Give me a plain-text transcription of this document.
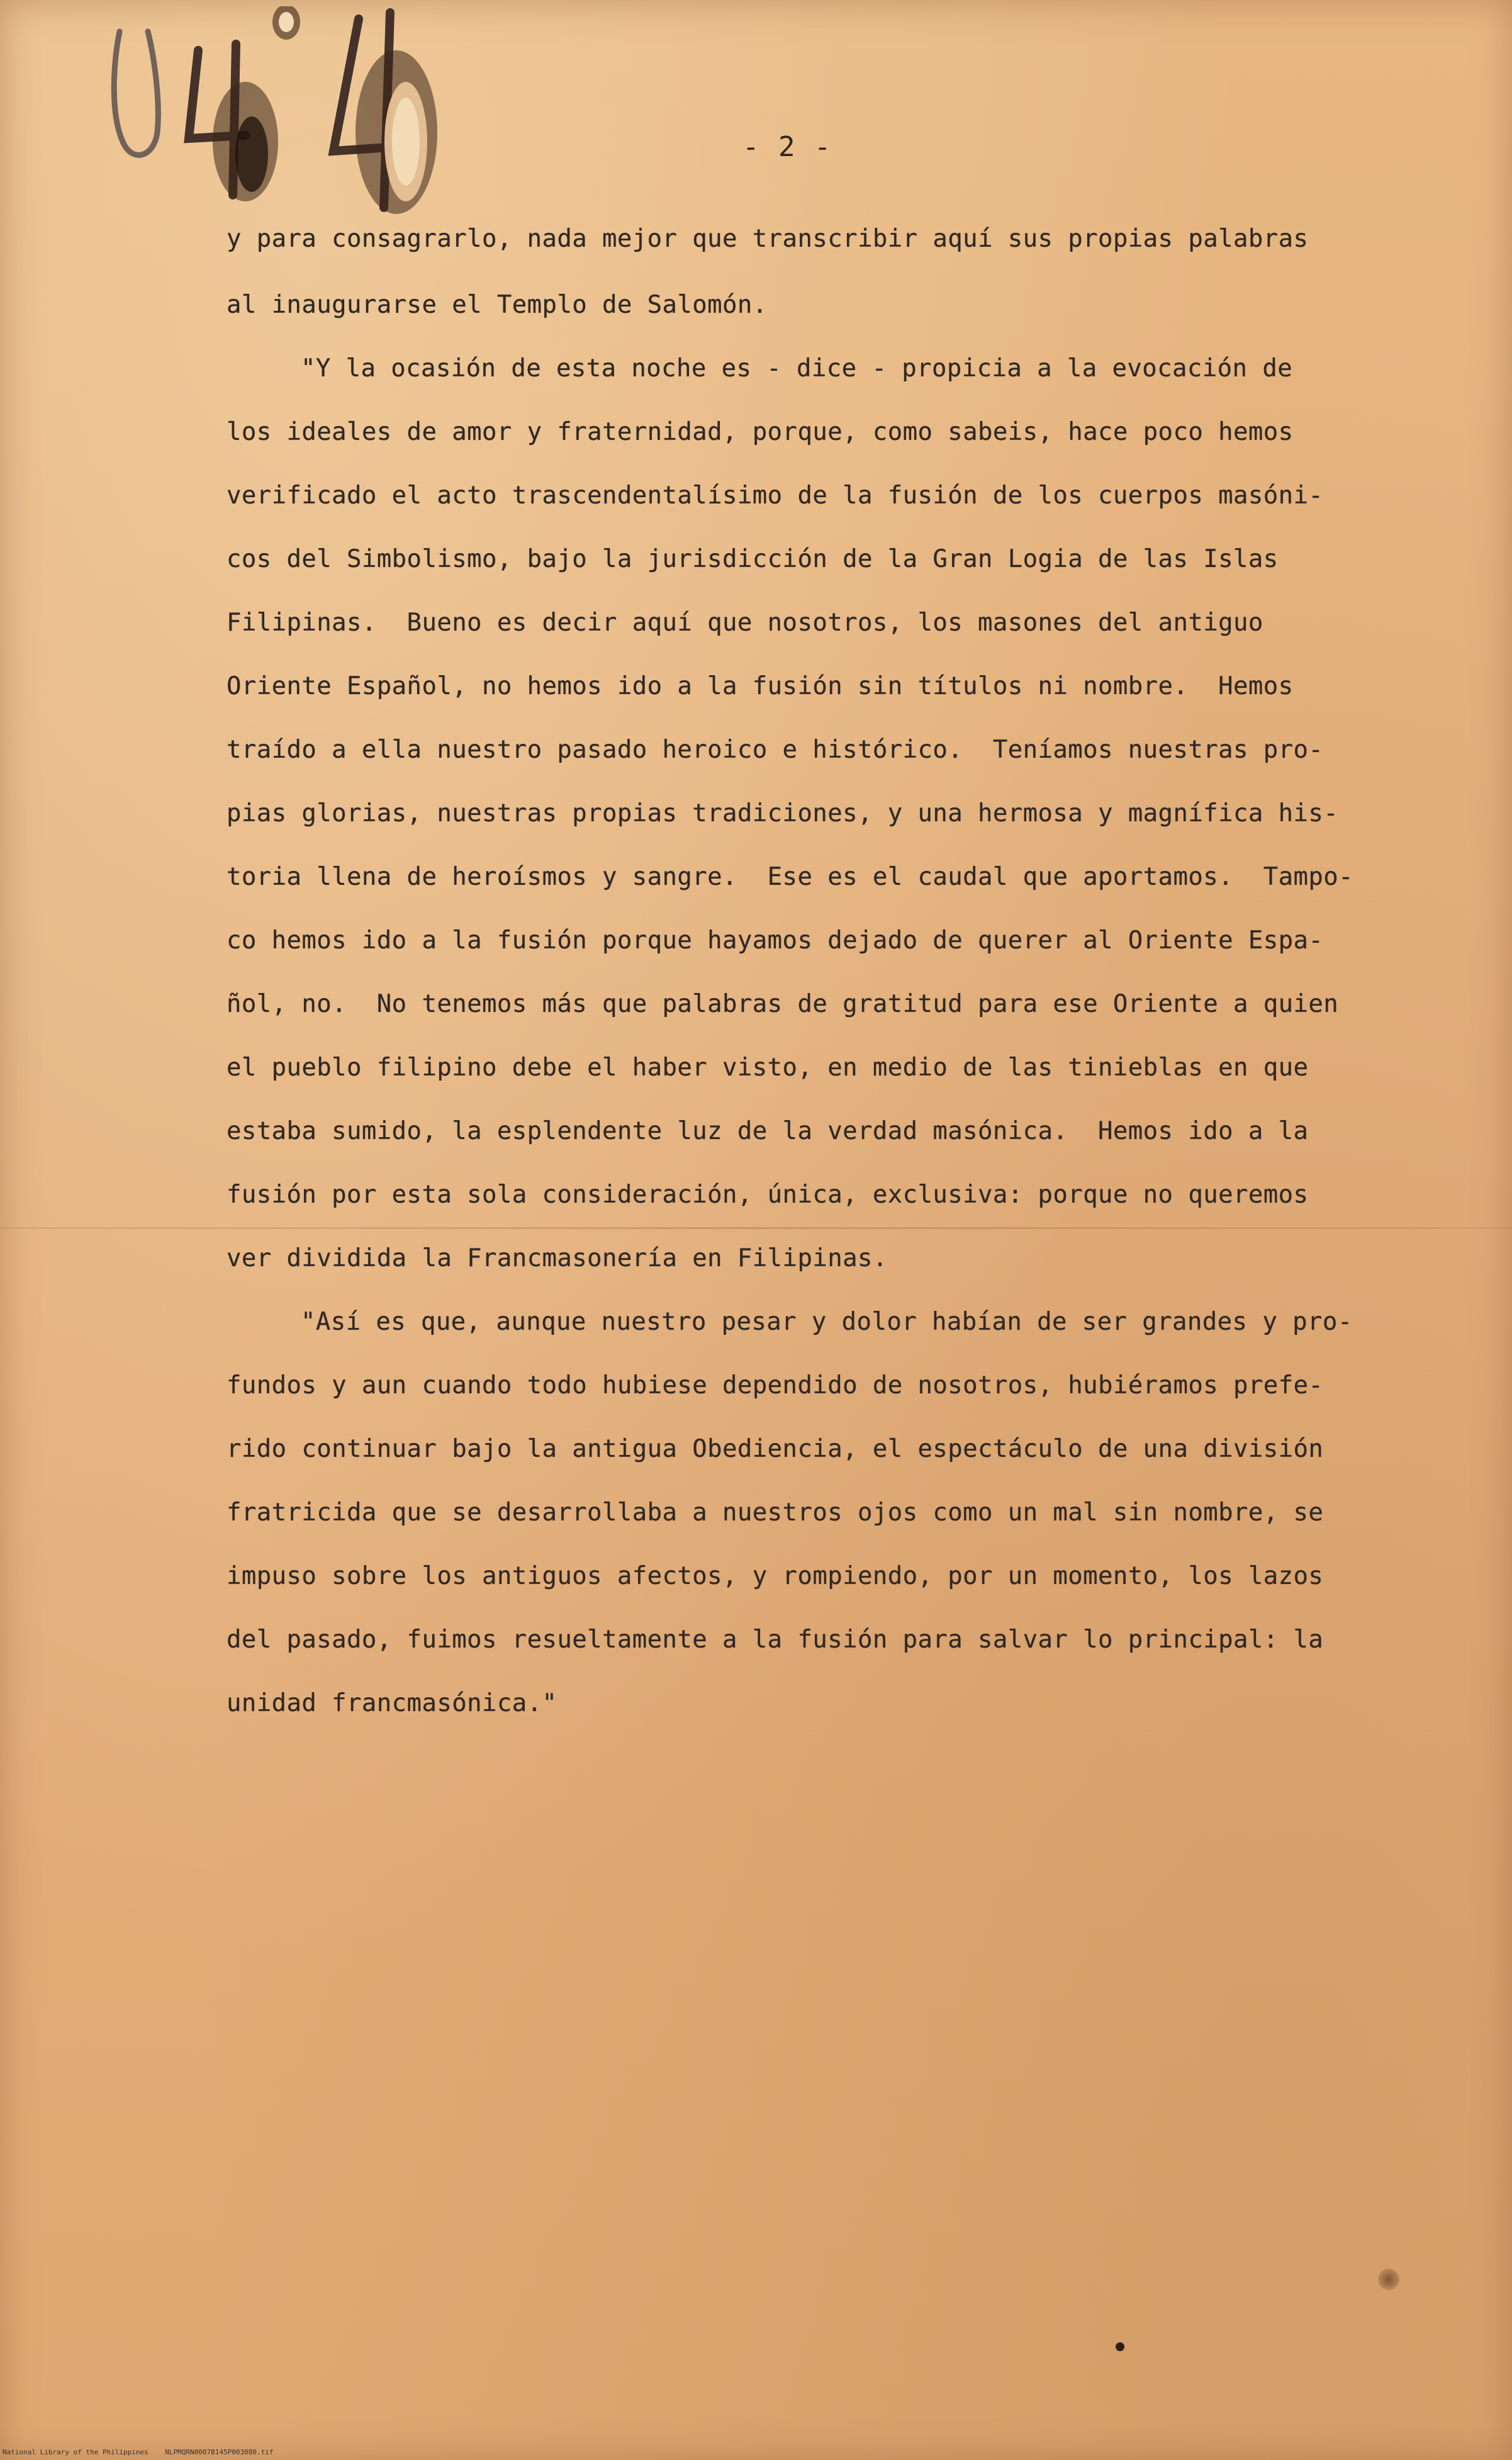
- 2 -
y para consagrarlo, nada mejor que transcribir aquí sus propias palabras
al inaugurarse el Templo de Salomón.
"Y la ocasión de esta noche es - dice - propicia a la evocación de
los ideales de amor y fraternidad, porque, como sabeis, hace poco hemos
verificado el acto trascendentalísimo de la fusión de los cuerpos masóni-
cos del Simbolismo, bajo la jurisdicción de la Gran Logia de las Islas
Filipinas.  Bueno es decir aquí que nosotros, los masones del antiguo
Oriente Español, no hemos ido a la fusión sin títulos ni nombre.  Hemos
traído a ella nuestro pasado heroico e histórico.  Teníamos nuestras pro-
pias glorias, nuestras propias tradiciones, y una hermosa y magnífica his-
toria llena de heroísmos y sangre.  Ese es el caudal que aportamos.  Tampo-
co hemos ido a la fusión porque hayamos dejado de querer al Oriente Espa-
ñol, no.  No tenemos más que palabras de gratitud para ese Oriente a quien
el pueblo filipino debe el haber visto, en medio de las tinieblas en que
estaba sumido, la esplendente luz de la verdad masónica.  Hemos ido a la
fusión por esta sola consideración, única, exclusiva: porque no queremos
ver dividida la Francmasonería en Filipinas.
"Así es que, aunque nuestro pesar y dolor habían de ser grandes y pro-
fundos y aun cuando todo hubiese dependido de nosotros, hubiéramos prefe-
rido continuar bajo la antigua Obediencia, el espectáculo de una división
fratricida que se desarrollaba a nuestros ojos como un mal sin nombre, se
impuso sobre los antiguos afectos, y rompiendo, por un momento, los lazos
del pasado, fuimos resueltamente a la fusión para salvar lo principal: la
unidad francmasónica."
National Library of the Philippines    NLPMQRN0007B145P003080.tif
